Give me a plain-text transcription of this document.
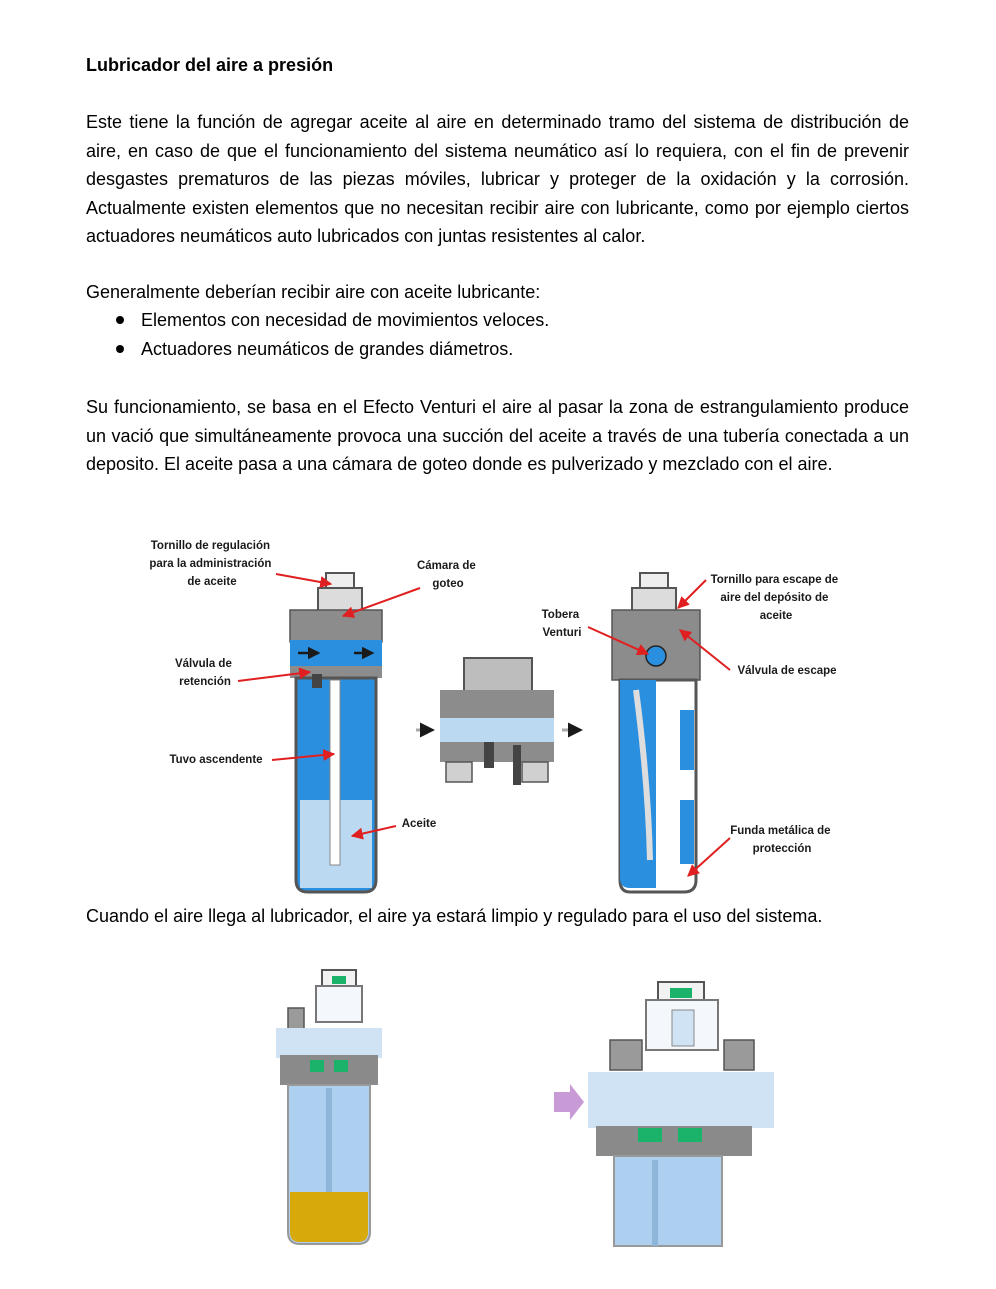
Lubricador del aire a presión

Este tiene la función de agregar aceite al aire en determinado tramo del sistema de distribución de aire, en caso de que el funcionamiento del sistema neumático así lo requiera, con el fin de prevenir desgastes prematuros de las piezas móviles, lubricar y proteger de la oxidación y la corrosión. Actualmente existen elementos que no necesitan recibir aire con lubricante, como por ejemplo ciertos actuadores neumáticos auto lubricados con juntas resistentes al calor.

Generalmente deberían recibir aire con aceite lubricante:

Elementos con necesidad de movimientos veloces.
Actuadores neumáticos de grandes diámetros.

Su funcionamiento, se basa en el Efecto Venturi el aire al pasar la zona de estrangulamiento produce un vació que simultáneamente provoca una succión del aceite a través de una tubería conectada a un deposito. El aceite pasa a una cámara de goteo donde es pulverizado y mezclado con el aire.

Cuando el aire llega al lubricador, el aire ya estará limpio y regulado para el uso del sistema.

Tornillo de regulación para la administración de aceite
Cámara de goteo
Válvula de retención
Tuvo ascendente
Aceite
Tobera Venturi
Tornillo para escape de aire del depósito de aceite
Válvula de escape
Funda metálica de protección
